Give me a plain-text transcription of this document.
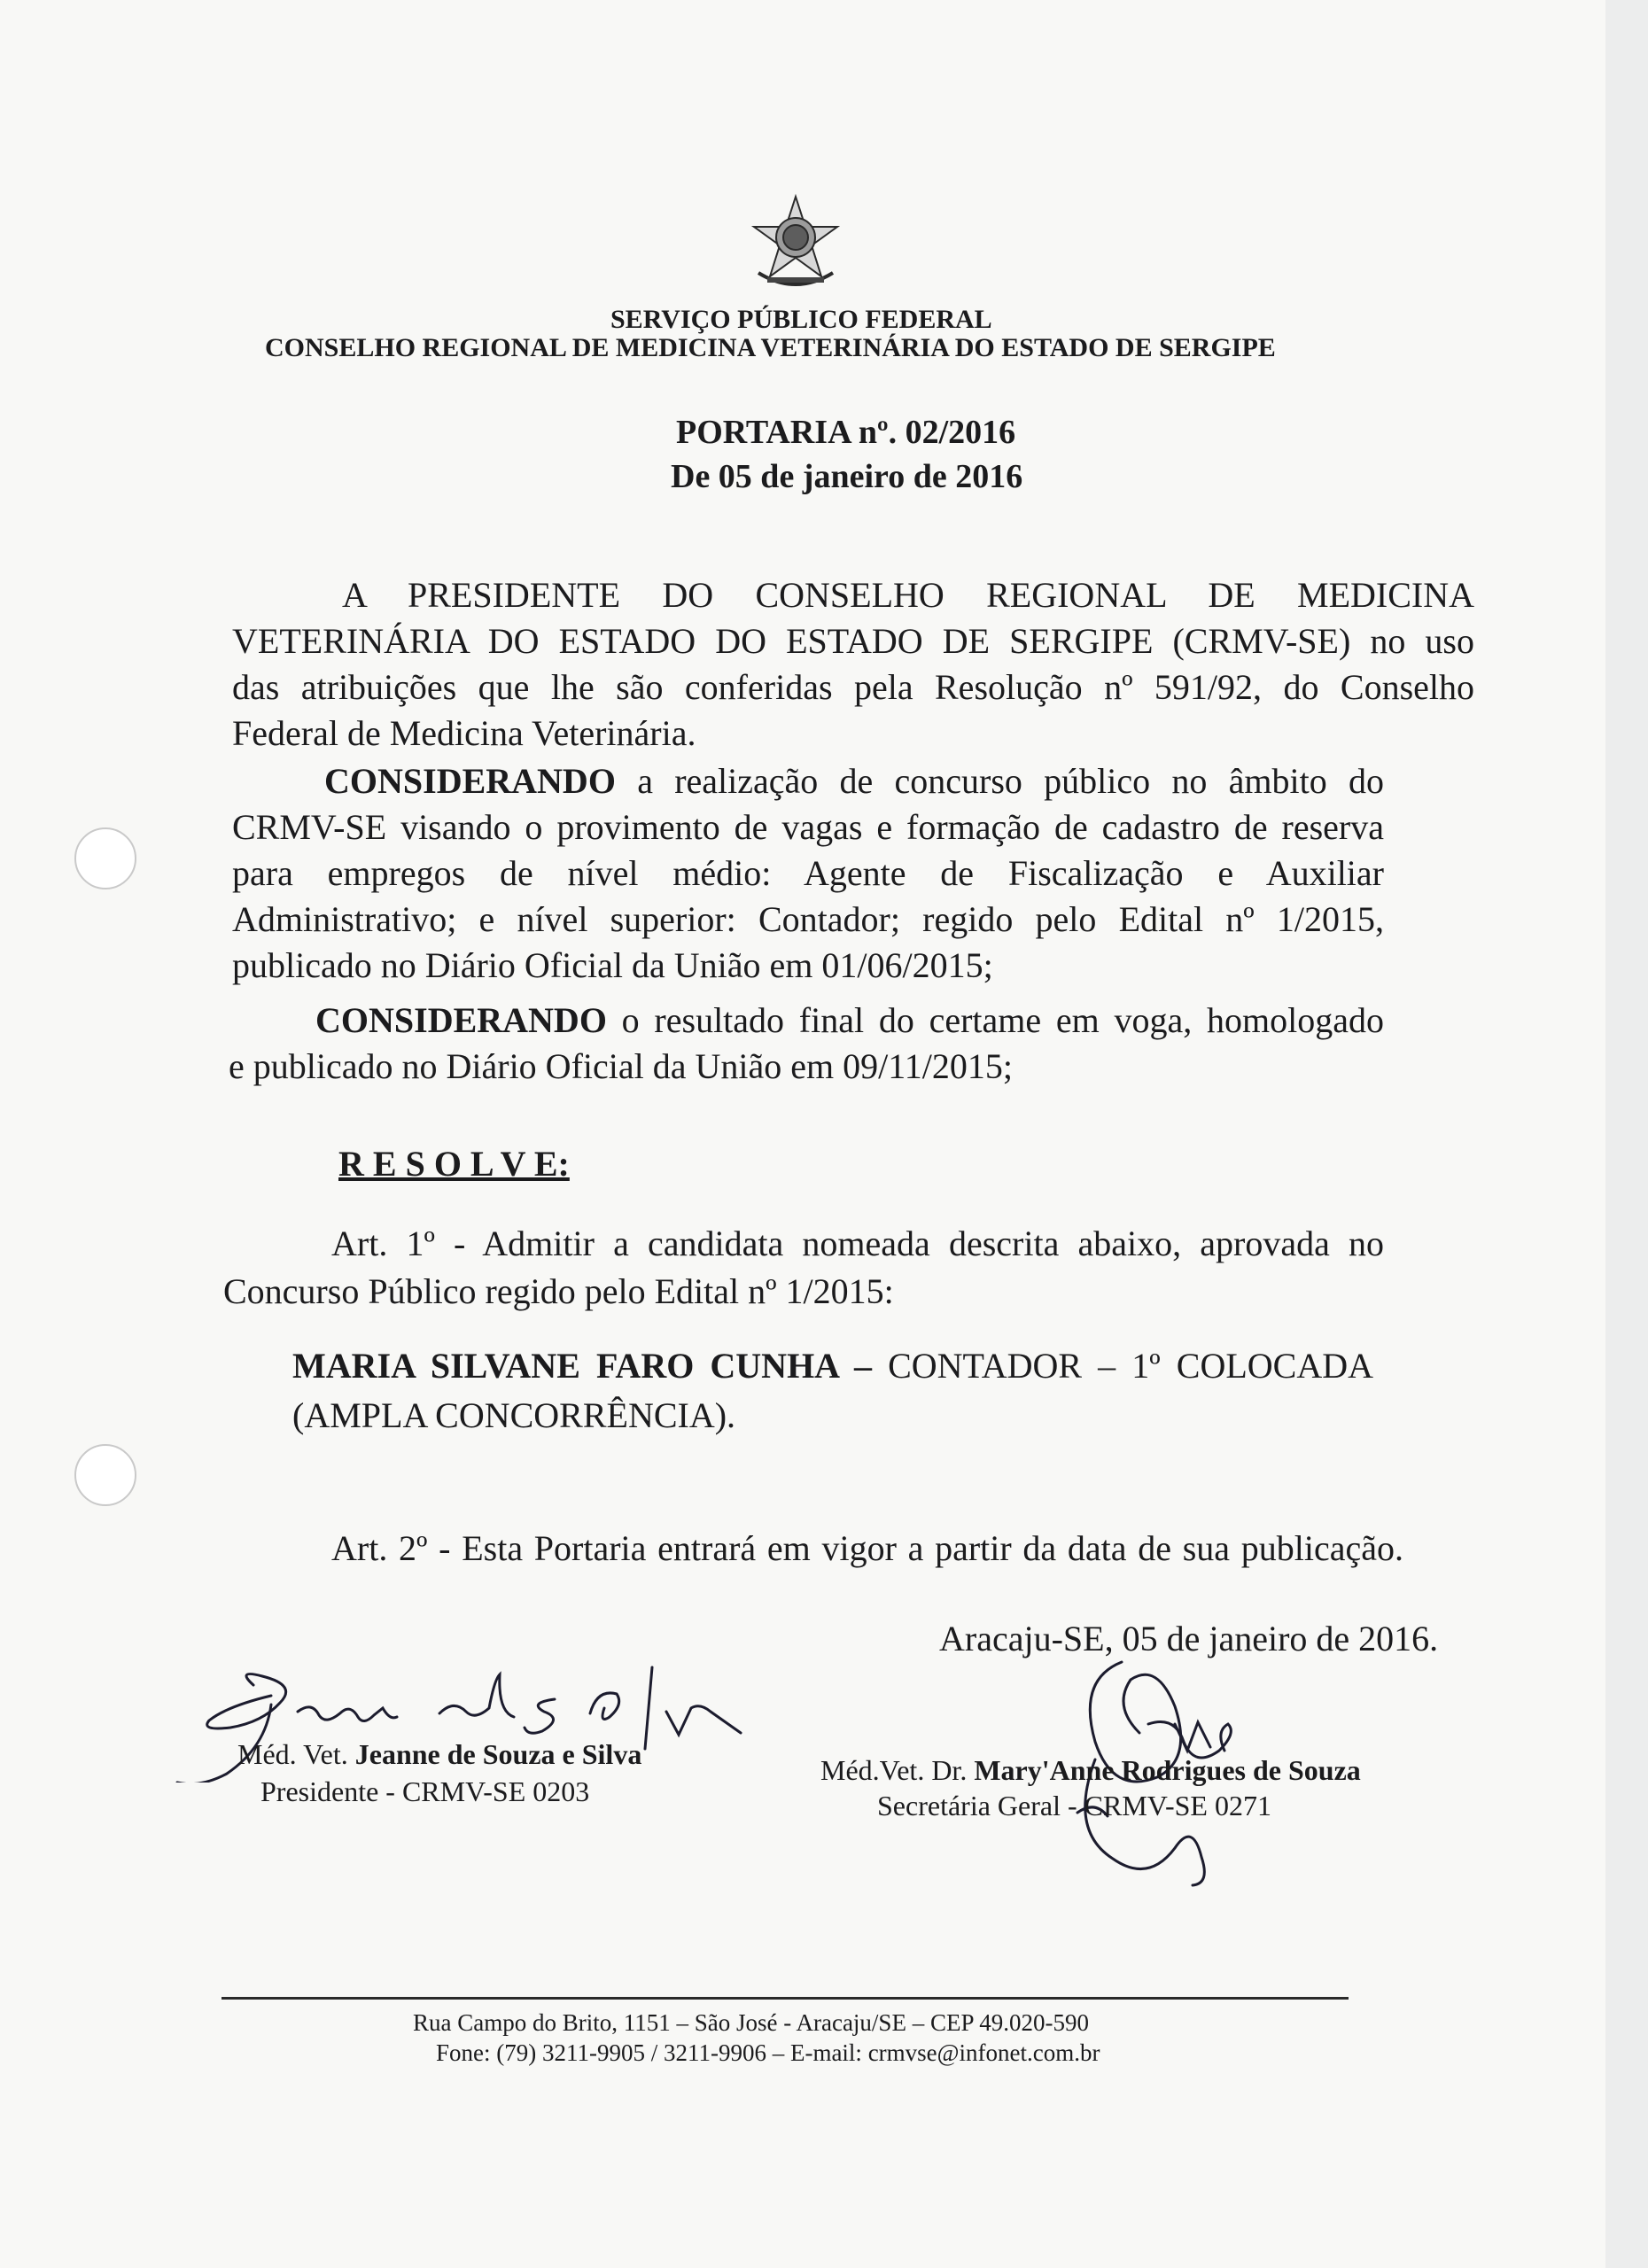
SERVIÇO PÚBLICO FEDERAL
CONSELHO REGIONAL DE MEDICINA VETERINÁRIA DO ESTADO DE SERGIPE
PORTARIA nº. 02/2016
De 05 de janeiro de 2016
A PRESIDENTE DO CONSELHO REGIONAL DE MEDICINA
VETERINÁRIA DO ESTADO DO ESTADO DE SERGIPE (CRMV-SE) no uso
das atribuições que lhe são conferidas pela Resolução nº 591/92, do Conselho
Federal de Medicina Veterinária.
CONSIDERANDO a realização de concurso público no âmbito do
CRMV-SE visando o provimento de vagas e formação de cadastro de reserva
para empregos de nível médio: Agente de Fiscalização e Auxiliar
Administrativo; e nível superior: Contador; regido pelo Edital nº 1/2015,
publicado no Diário Oficial da União em 01/06/2015;
CONSIDERANDO o resultado final do certame em voga, homologado
e publicado no Diário Oficial da União em 09/11/2015;
R E S O L V E:
Art. 1º - Admitir a candidata nomeada descrita abaixo, aprovada no
Concurso Público regido pelo Edital nº 1/2015:
MARIA SILVANE FARO CUNHA – CONTADOR – 1º COLOCADA
(AMPLA CONCORRÊNCIA).
Art. 2º - Esta Portaria entrará em vigor a partir da data de sua publicação.
Aracaju-SE, 05 de janeiro de 2016.
Méd. Vet. Jeanne de Souza e Silva
Presidente - CRMV-SE 0203
Méd.Vet. Dr. Mary'Anne Rodrigues de Souza
Secretária Geral - CRMV-SE 0271
Rua Campo do Brito, 1151 – São José - Aracaju/SE – CEP 49.020-590
Fone: (79) 3211-9905 / 3211-9906 – E-mail: crmvse@infonet.com.br
